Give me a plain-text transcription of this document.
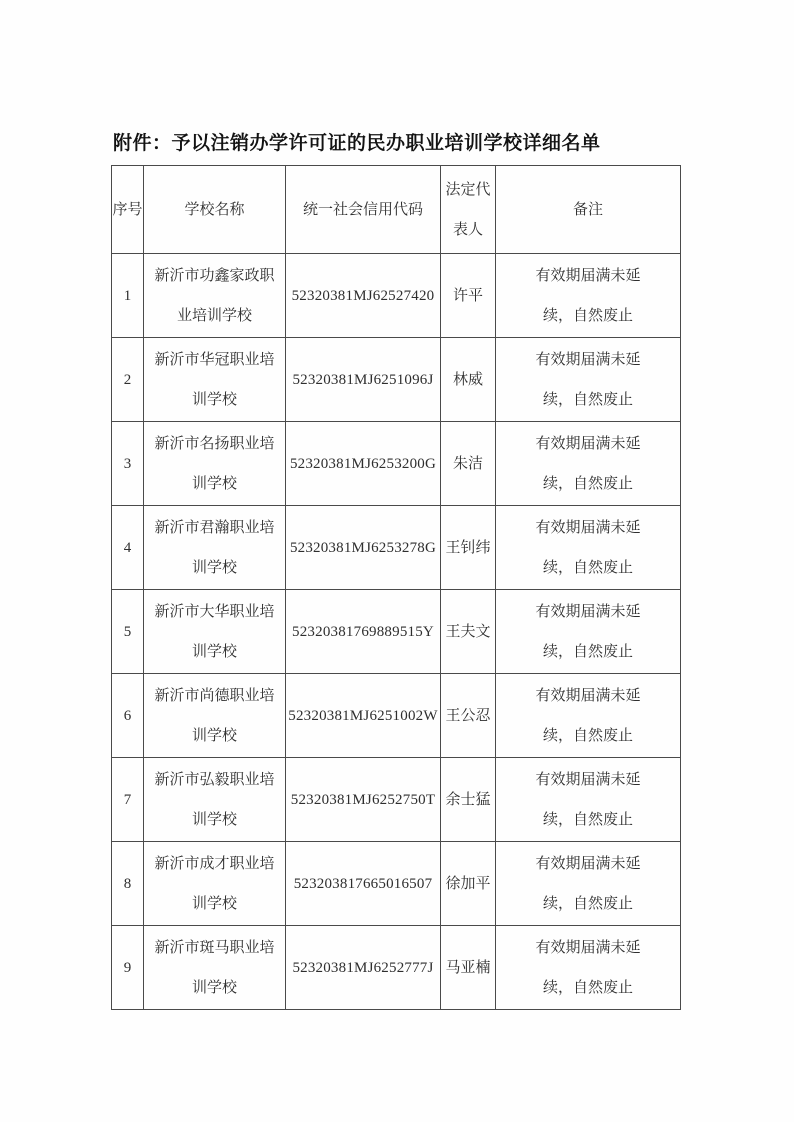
附件：予以注销办学许可证的民办职业培训学校详细名单
序号	学校名称	统一社会信用代码	法定代表人	备注
1	新沂市功鑫家政职业培训学校	52320381MJ62527420	许平	有效期届满未延续，自然废止
2	新沂市华冠职业培训学校	52320381MJ6251096J	林威	有效期届满未延续，自然废止
3	新沂市名扬职业培训学校	52320381MJ6253200G	朱洁	有效期届满未延续，自然废止
4	新沂市君瀚职业培训学校	52320381MJ6253278G	王钊纬	有效期届满未延续，自然废止
5	新沂市大华职业培训学校	52320381769889515Y	王夫文	有效期届满未延续，自然废止
6	新沂市尚德职业培训学校	52320381MJ6251002W	王公忍	有效期届满未延续，自然废止
7	新沂市弘毅职业培训学校	52320381MJ6252750T	余士猛	有效期届满未延续，自然废止
8	新沂市成才职业培训学校	523203817665016507	徐加平	有效期届满未延续，自然废止
9	新沂市斑马职业培训学校	52320381MJ6252777J	马亚楠	有效期届满未延续，自然废止
